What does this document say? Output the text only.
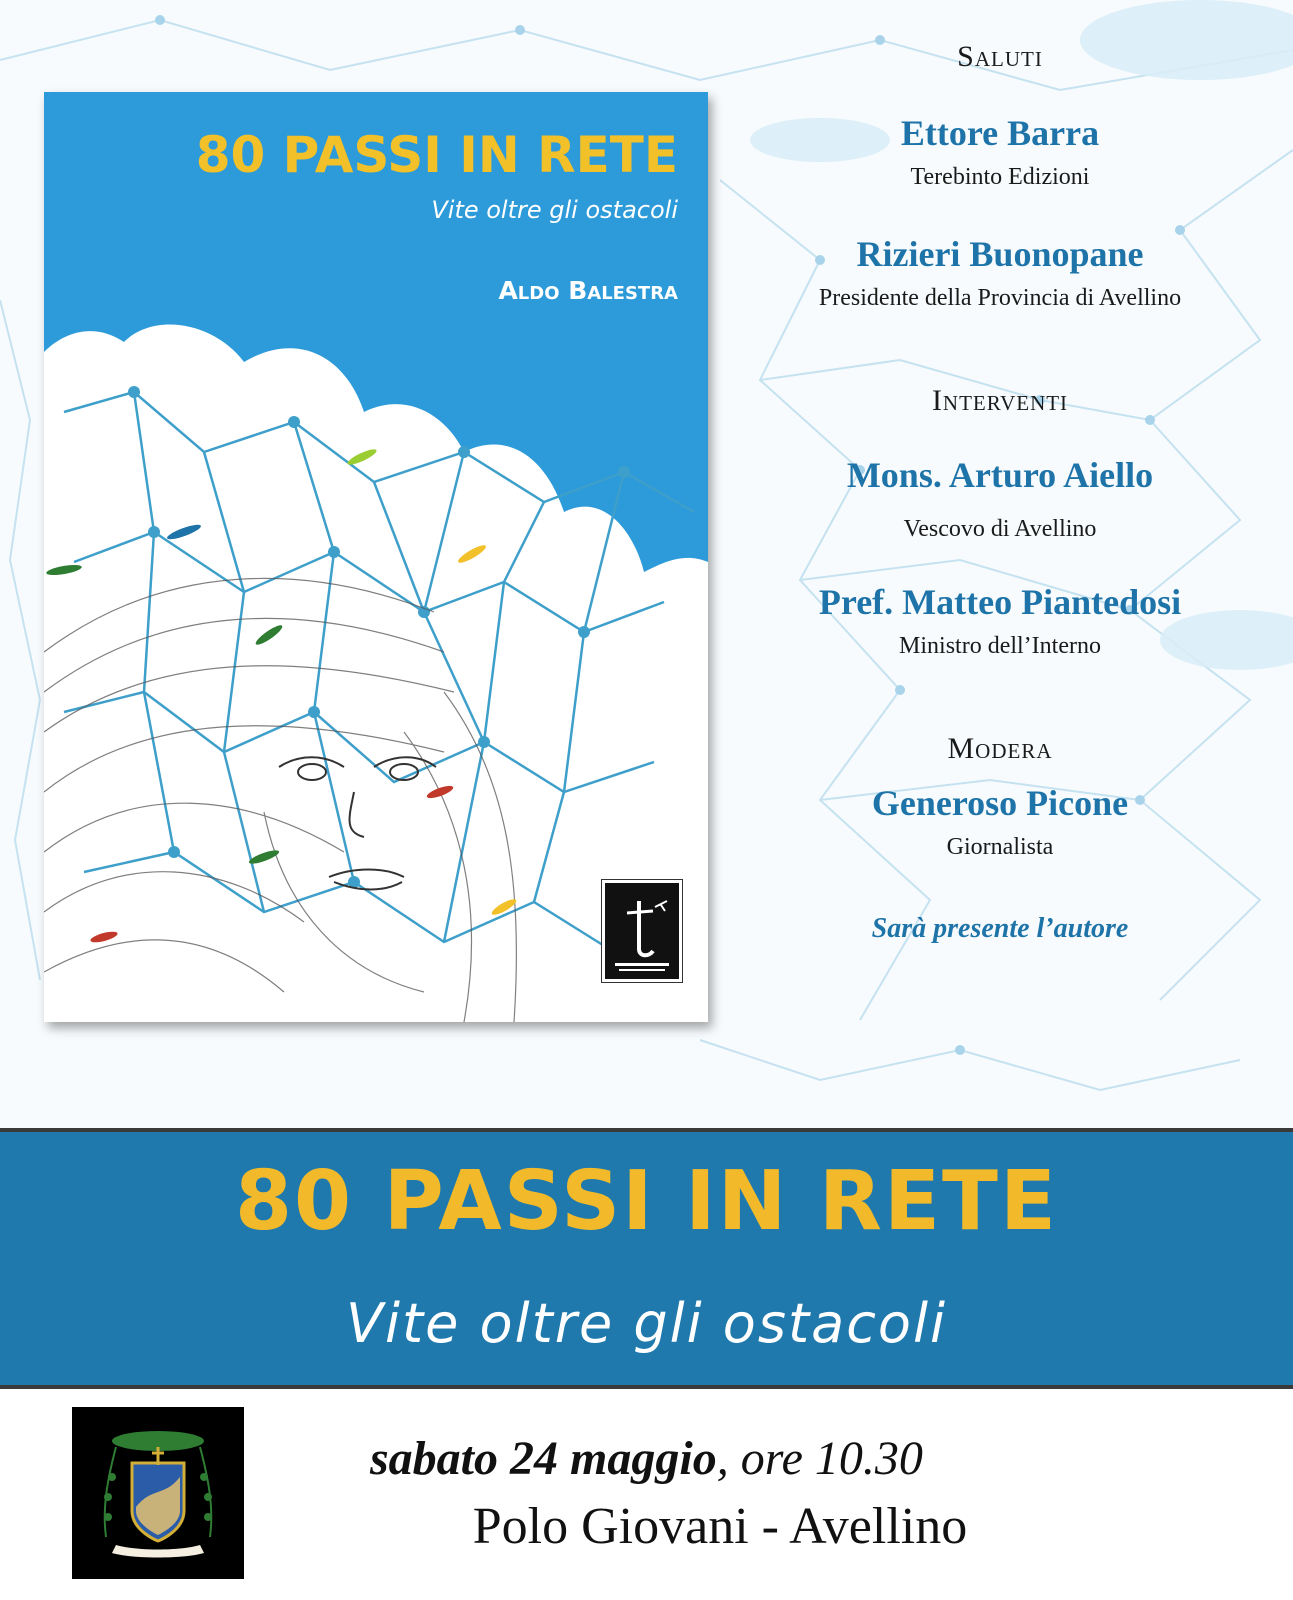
80 PASSI IN RETE
Vite oltre gli ostacoli
Aldo Balestra
Saluti
Ettore Barra
Terebinto Edizioni
Rizieri Buonopane
Presidente della Provincia di Avellino
Interventi
Mons. Arturo Aiello
Vescovo di Avellino
Pref. Matteo Piantedosi
Ministro dell’Interno
Modera
Generoso Picone
Giornalista
Sarà presente l’autore
80 PASSI IN RETE
Vite oltre gli ostacoli
sabato 24 maggio, ore 10.30
Polo Giovani - Avellino
